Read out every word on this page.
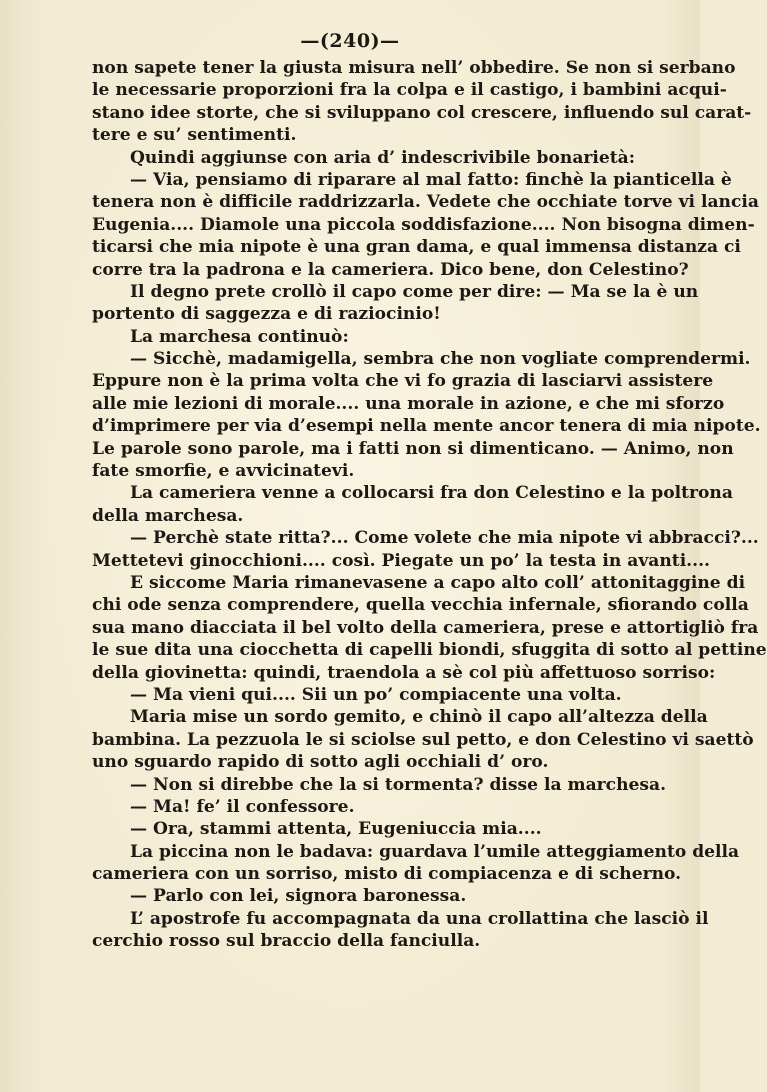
—(240)—
non sapete tener la giusta misura nell’ obbedire. Se non si serbano
le necessarie proporzioni fra la colpa e il castigo, i bambini acqui-
stano idee storte, che si sviluppano col crescere, influendo sul carat-
tere e su’ sentimenti.
Quindi aggiunse con aria d’ indescrivibile bonarietà:
— Via, pensiamo di riparare al mal fatto: finchè la pianticella è
tenera non è difficile raddrizzarla. Vedete che occhiate torve vi lancia
Eugenia.... Diamole una piccola soddisfazione.... Non bisogna dimen-
ticarsi che mia nipote è una gran dama, e qual immensa distanza ci
corre tra la padrona e la cameriera. Dico bene, don Celestino?
Il degno prete crollò il capo come per dire: — Ma se la è un
portento di saggezza e di raziocinio!
La marchesa continuò:
— Sicchè, madamigella, sembra che non vogliate comprendermi.
Eppure non è la prima volta che vi fo grazia di lasciarvi assistere
alle mie lezioni di morale.... una morale in azione, e che mi sforzo
d’imprimere per via d’esempi nella mente ancor tenera di mia nipote.
Le parole sono parole, ma i fatti non si dimenticano. — Animo, non
fate smorfie, e avvicinatevi.
La cameriera venne a collocarsi fra don Celestino e la poltrona
della marchesa.
— Perchè state ritta?... Come volete che mia nipote vi abbracci?...
Mettetevi ginocchioni.... così. Piegate un po’ la testa in avanti....
E siccome Maria rimanevasene a capo alto coll’ attonitaggine di
chi ode senza comprendere, quella vecchia infernale, sfiorando colla
sua mano diacciata il bel volto della cameriera, prese e attortigliò fra
le sue dita una ciocchetta di capelli biondi, sfuggita di sotto al pettine
della giovinetta: quindi, traendola a sè col più affettuoso sorriso:
— Ma vieni qui.... Sii un po’ compiacente una volta.
Maria mise un sordo gemito, e chinò il capo all’altezza della
bambina. La pezzuola le si sciolse sul petto, e don Celestino vi saettò
uno sguardo rapido di sotto agli occhiali d’ oro.
— Non si direbbe che la si tormenta? disse la marchesa.
— Ma! fe’ il confessore.
— Ora, stammi attenta, Eugeniuccia mia....
La piccina non le badava: guardava l’umile atteggiamento della
cameriera con un sorriso, misto di compiacenza e di scherno.
— Parlo con lei, signora baronessa.
L’ apostrofe fu accompagnata da una crollattina che lasciò il
cerchio rosso sul braccio della fanciulla.
